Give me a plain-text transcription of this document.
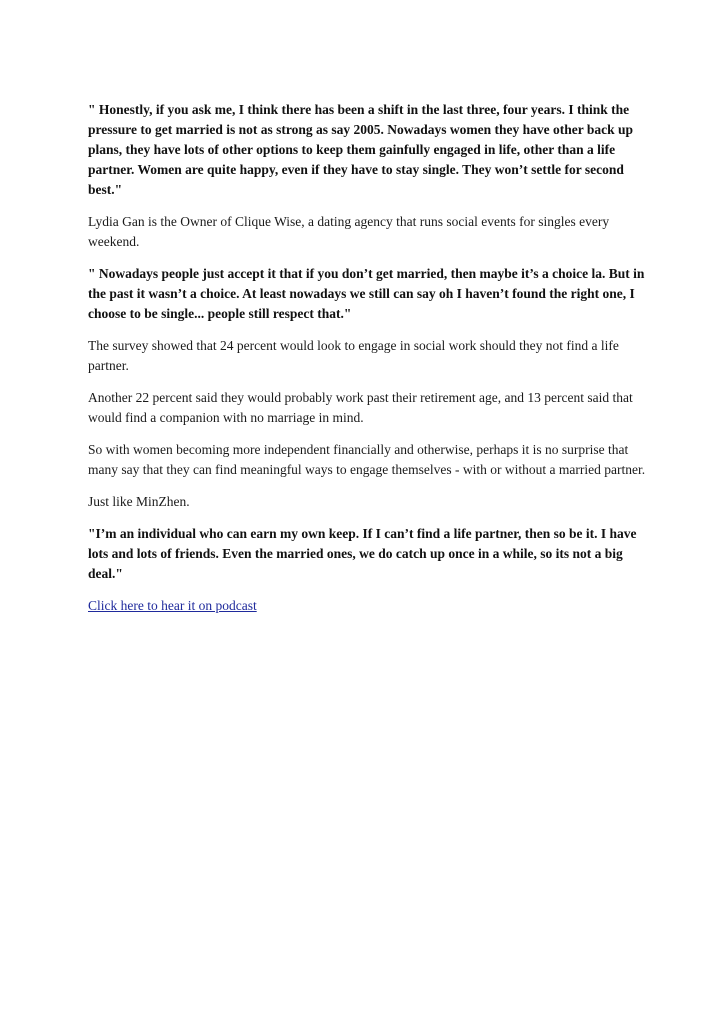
" Honestly, if you ask me, I think there has been a shift in the last three, four years. I think the pressure to get married is not as strong as say 2005. Nowadays women they have other back up plans, they have lots of other options to keep them gainfully engaged in life, other than a life partner. Women are quite happy, even if they have to stay single. They won’t settle for second best."

Lydia Gan is the Owner of Clique Wise, a dating agency that runs social events for singles every weekend.

" Nowadays people just accept it that if you don’t get married, then maybe it’s a choice la. But in the past it wasn’t a choice. At least nowadays we still can say oh I haven’t found the right one, I choose to be single... people still respect that."

The survey showed that 24 percent would look to engage in social work should they not find a life partner.

Another 22 percent said they would probably work past their retirement age, and 13 percent said that would find a companion with no marriage in mind.

So with women becoming more independent financially and otherwise, perhaps it is no surprise that many say that they can find meaningful ways to engage themselves - with or without a married partner.

Just like MinZhen.

"I’m an individual who can earn my own keep. If I can’t find a life partner, then so be it. I have lots and lots of friends. Even the married ones, we do catch up once in a while, so its not a big deal."

Click here to hear it on podcast
